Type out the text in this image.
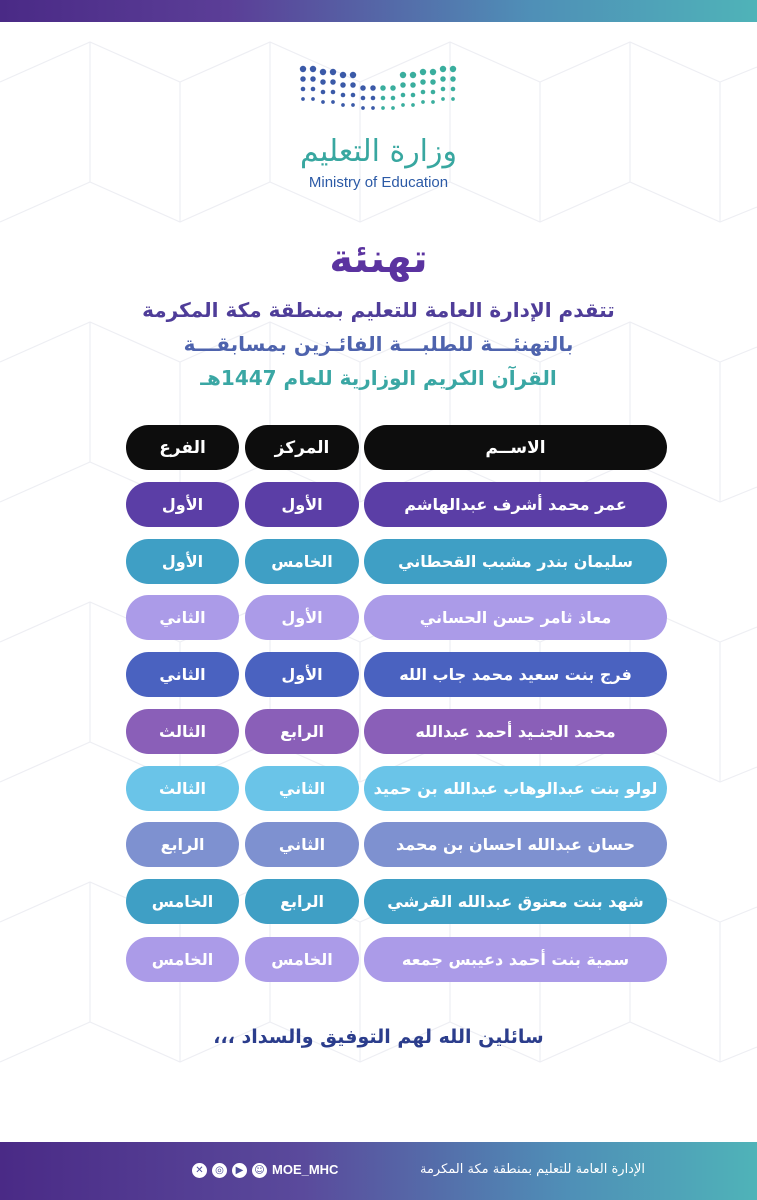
وزارة التعليم
Ministry of Education
تهنئة
تتقدم الإدارة العامة للتعليم بمنطقة مكة المكرمة
بالتهنئـــة للطلبـــة الفائـزين بمسابقـــة
القرآن الكريم الوزارية للعام 1447هـ
الاســم
المركز
الفرع
عمر محمد أشرف عبدالهاشم
الأول
الأول
سليمان بندر مشبب القحطاني
الخامس
الأول
معاذ ثامر حسن الحساني
الأول
الثاني
فرج بنت سعيد محمد جاب الله
الأول
الثاني
محمد الجنـيد أحمد عبدالله
الرابع
الثالث
لولو بنت عبدالوهاب عبدالله بن حميد
الثاني
الثالث
حسان عبدالله احسان بن محمد
الثاني
الرابع
شهد بنت معتوق عبدالله القرشي
الرابع
الخامس
سمية بنت أحمد دعيبس جمعه
الخامس
الخامس
سائلين الله لهم التوفيق والسداد ،،،
الإدارة العامة للتعليم بمنطقة مكة المكرمة
MOE_MHC
☺
▶
◎
✕
